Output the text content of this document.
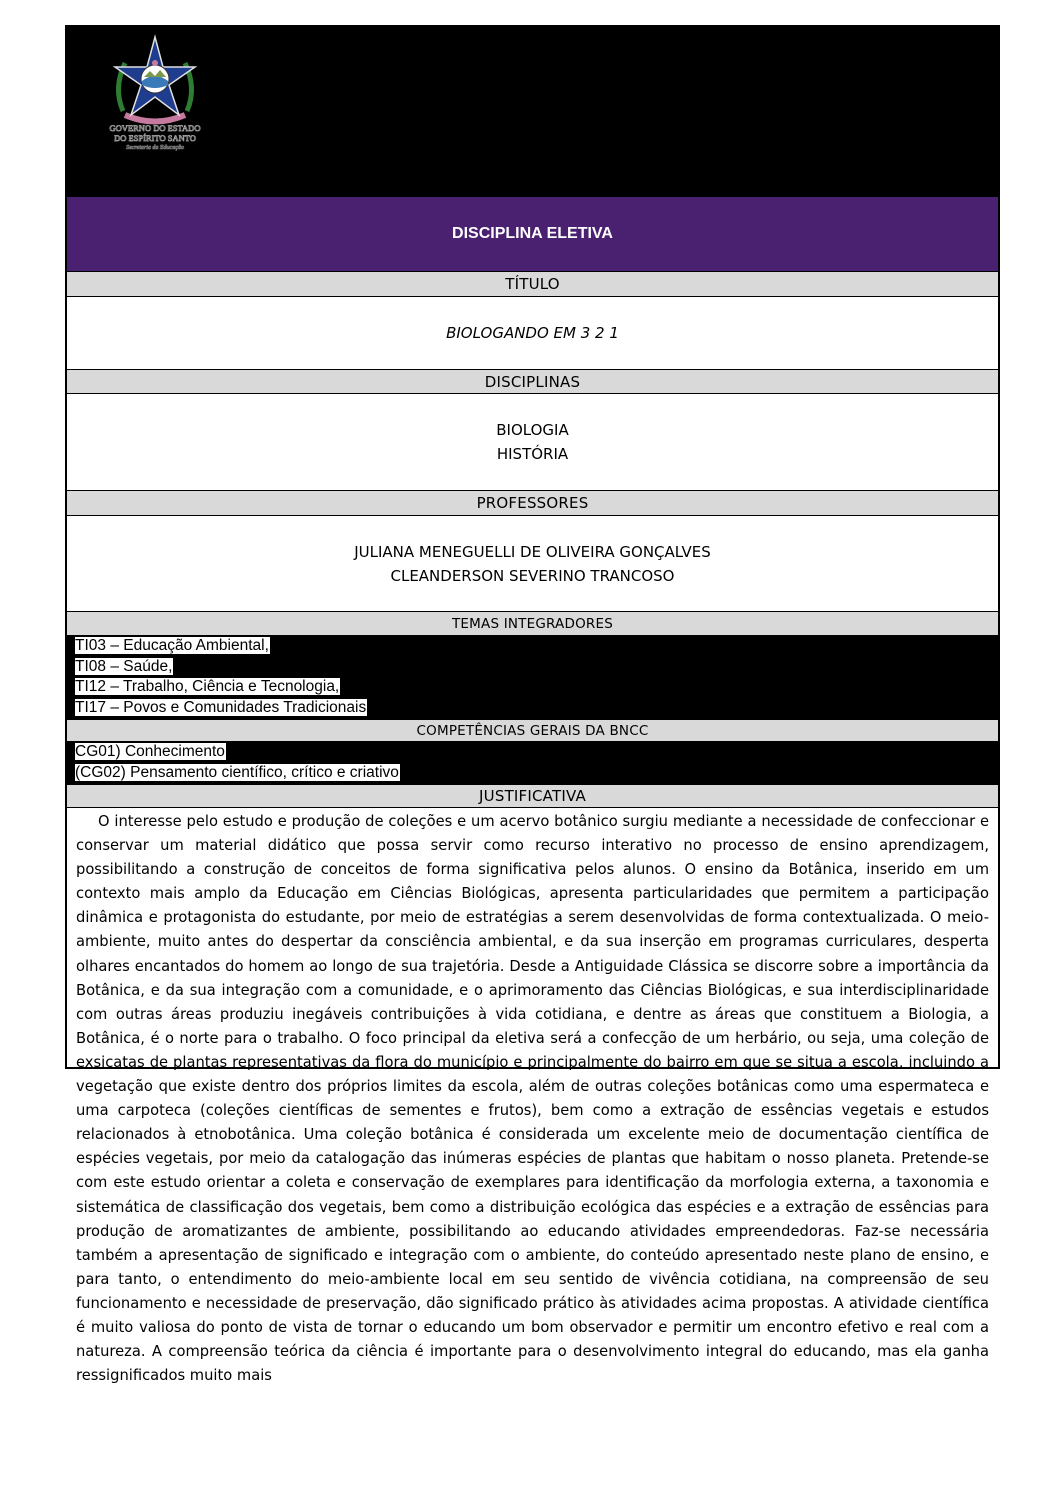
GOVERNO DO ESTADO
DO ESPÍRITO SANTO
Secretaria da Educação
DISCIPLINA ELETIVA
TÍTULO
BIOLOGANDO EM 3 2 1
DISCIPLINAS
BIOLOGIA
HISTÓRIA
PROFESSORES
JULIANA MENEGUELLI DE OLIVEIRA GONÇALVES
CLEANDERSON SEVERINO TRANCOSO
TEMAS INTEGRADORES
TI03 – Educação Ambiental,
TI08 – Saúde,
TI12 – Trabalho, Ciência e Tecnologia,
TI17 – Povos e Comunidades Tradicionais
COMPETÊNCIAS GERAIS DA BNCC
CG01) Conhecimento
(CG02) Pensamento científico, crítico e criativo
JUSTIFICATIVA
O interesse pelo estudo e produção de coleções e um acervo botânico surgiu mediante a necessidade de confeccionar e conservar um material didático que possa servir como recurso interativo no processo de ensino aprendizagem, possibilitando a construção de conceitos de forma significativa pelos alunos. O ensino da Botânica, inserido em um contexto mais amplo da Educação em Ciências Biológicas, apresenta particularidades que permitem a participação dinâmica e protagonista do estudante, por meio de estratégias a serem desenvolvidas de forma contextualizada. O meio-ambiente, muito antes do despertar da consciência ambiental, e da sua inserção em programas curriculares, desperta olhares encantados do homem ao longo de sua trajetória. Desde a Antiguidade Clássica se discorre sobre a importância da Botânica, e da sua integração com a comunidade, e o aprimoramento das Ciências Biológicas, e sua interdisciplinaridade com outras áreas produziu inegáveis contribuições à vida cotidiana, e dentre as áreas que constituem a Biologia, a Botânica, é o norte para o trabalho. O foco principal da eletiva será a confecção de um herbário, ou seja, uma coleção de exsicatas de plantas representativas da flora do município e principalmente do bairro em que se situa a escola, incluindo a vegetação que existe dentro dos próprios limites da escola, além de outras coleções botânicas como uma espermateca e uma carpoteca (coleções científicas de sementes e frutos), bem como a extração de essências vegetais e estudos relacionados à etnobotânica. Uma coleção botânica é considerada um excelente meio de documentação científica de espécies vegetais, por meio da catalogação das inúmeras espécies de plantas que habitam o nosso planeta. Pretende-se com este estudo orientar a coleta e conservação de exemplares para identificação da morfologia externa, a taxonomia e sistemática de classificação dos vegetais, bem como a distribuição ecológica das espécies e a extração de essências para produção de aromatizantes de ambiente, possibilitando ao educando atividades empreendedoras. Faz-se necessária também a apresentação de significado e integração com o ambiente, do conteúdo apresentado neste plano de ensino, e para tanto, o entendimento do meio-ambiente local em seu sentido de vivência cotidiana, na compreensão de seu funcionamento e necessidade de preservação, dão significado prático às atividades acima propostas. A atividade científica é muito valiosa do ponto de vista de tornar o educando um bom observador e permitir um encontro efetivo e real com a natureza. A compreensão teórica da ciência é importante para o desenvolvimento integral do educando, mas ela ganha ressignificados muito mais
